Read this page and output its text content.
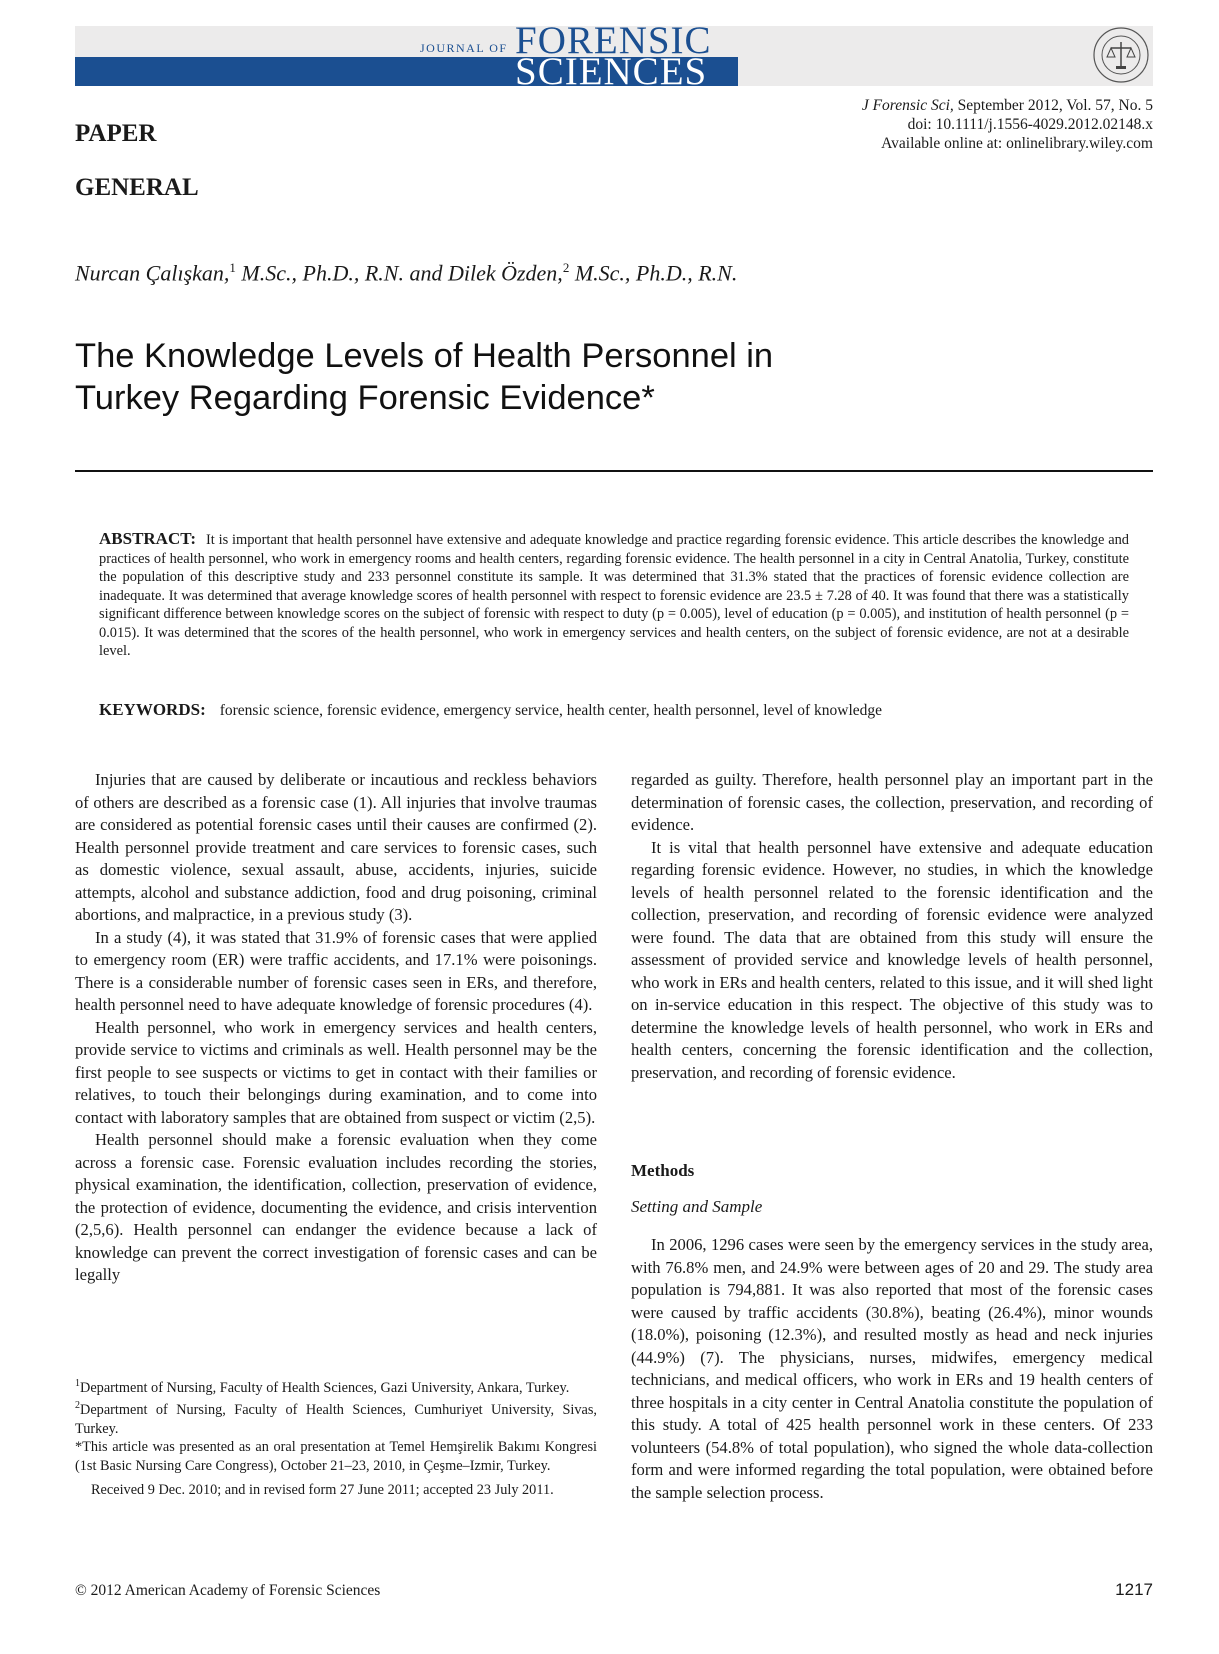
JOURNAL OF FORENSIC
SCIENCES
J Forensic Sci, September 2012, Vol. 57, No. 5
doi: 10.1111/j.1556-4029.2012.02148.x
Available online at: onlinelibrary.wiley.com
PAPER
GENERAL
Nurcan Çalışkan,$^1$ M.Sc., Ph.D., R.N. and Dilek Özden,$^2$ M.Sc., Ph.D., R.N.
The Knowledge Levels of Health Personnel in
Turkey Regarding Forensic Evidence*
ABSTRACT: It is important that health personnel have extensive and adequate knowledge and practice regarding forensic evidence. This article describes the knowledge and practices of health personnel, who work in emergency rooms and health centers, regarding forensic evidence. The health personnel in a city in Central Anatolia, Turkey, constitute the population of this descriptive study and 233 personnel constitute its sample. It was determined that 31.3% stated that the practices of forensic evidence collection are inadequate. It was determined that average knowledge scores of health personnel with respect to forensic evidence are 23.5 ± 7.28 of 40. It was found that there was a statistically significant difference between knowledge scores on the subject of forensic with respect to duty (p = 0.005), level of education (p = 0.005), and institution of health personnel (p = 0.015). It was determined that the scores of the health personnel, who work in emergency services and health centers, on the subject of forensic evidence, are not at a desirable level.
KEYWORDS: forensic science, forensic evidence, emergency service, health center, health personnel, level of knowledge

Injuries that are caused by deliberate or incautious and reckless behaviors of others are described as a forensic case (1). All injuries that involve traumas are considered as potential forensic cases until their causes are confirmed (2). Health personnel provide treatment and care services to forensic cases, such as domestic violence, sexual assault, abuse, accidents, injuries, suicide attempts, alcohol and substance addiction, food and drug poisoning, criminal abortions, and malpractice, in a previous study (3).

In a study (4), it was stated that 31.9% of forensic cases that were applied to emergency room (ER) were traffic accidents, and 17.1% were poisonings. There is a considerable number of forensic cases seen in ERs, and therefore, health personnel need to have adequate knowledge of forensic procedures (4).

Health personnel, who work in emergency services and health centers, provide service to victims and criminals as well. Health personnel may be the first people to see suspects or victims to get in contact with their families or relatives, to touch their belongings during examination, and to come into contact with laboratory samples that are obtained from suspect or victim (2,5).

Health personnel should make a forensic evaluation when they come across a forensic case. Forensic evaluation includes recording the stories, physical examination, the identification, collection, preservation of evidence, the protection of evidence, documenting the evidence, and crisis intervention (2,5,6). Health personnel can endanger the evidence because a lack of knowledge can prevent the correct investigation of forensic cases and can be legally

regarded as guilty. Therefore, health personnel play an important part in the determination of forensic cases, the collection, preservation, and recording of evidence.

It is vital that health personnel have extensive and adequate education regarding forensic evidence. However, no studies, in which the knowledge levels of health personnel related to the forensic identification and the collection, preservation, and recording of forensic evidence were analyzed were found. The data that are obtained from this study will ensure the assessment of provided service and knowledge levels of health personnel, who work in ERs and health centers, related to this issue, and it will shed light on in-service education in this respect. The objective of this study was to determine the knowledge levels of health personnel, who work in ERs and health centers, concerning the forensic identification and the collection, preservation, and recording of forensic evidence.

Methods
Setting and Sample

In 2006, 1296 cases were seen by the emergency services in the study area, with 76.8% men, and 24.9% were between ages of 20 and 29. The study area population is 794,881. It was also reported that most of the forensic cases were caused by traffic accidents (30.8%), beating (26.4%), minor wounds (18.0%), poisoning (12.3%), and resulted mostly as head and neck injuries (44.9%) (7). The physicians, nurses, midwifes, emergency medical technicians, and medical officers, who work in ERs and 19 health centers of three hospitals in a city center in Central Anatolia constitute the population of this study. A total of 425 health personnel work in these centers. Of 233 volunteers (54.8% of total population), who signed the whole data-collection form and were informed regarding the total population, were obtained before the sample selection process.

$^1$Department of Nursing, Faculty of Health Sciences, Gazi University, Ankara, Turkey.

$^2$Department of Nursing, Faculty of Health Sciences, Cumhuriyet University, Sivas, Turkey.

*This article was presented as an oral presentation at Temel Hemşirelik Bakımı Kongresi (1st Basic Nursing Care Congress), October 21–23, 2010, in Çeşme–Izmir, Turkey.

Received 9 Dec. 2010; and in revised form 27 June 2011; accepted 23 July 2011.

© 2012 American Academy of Forensic Sciences	1217
